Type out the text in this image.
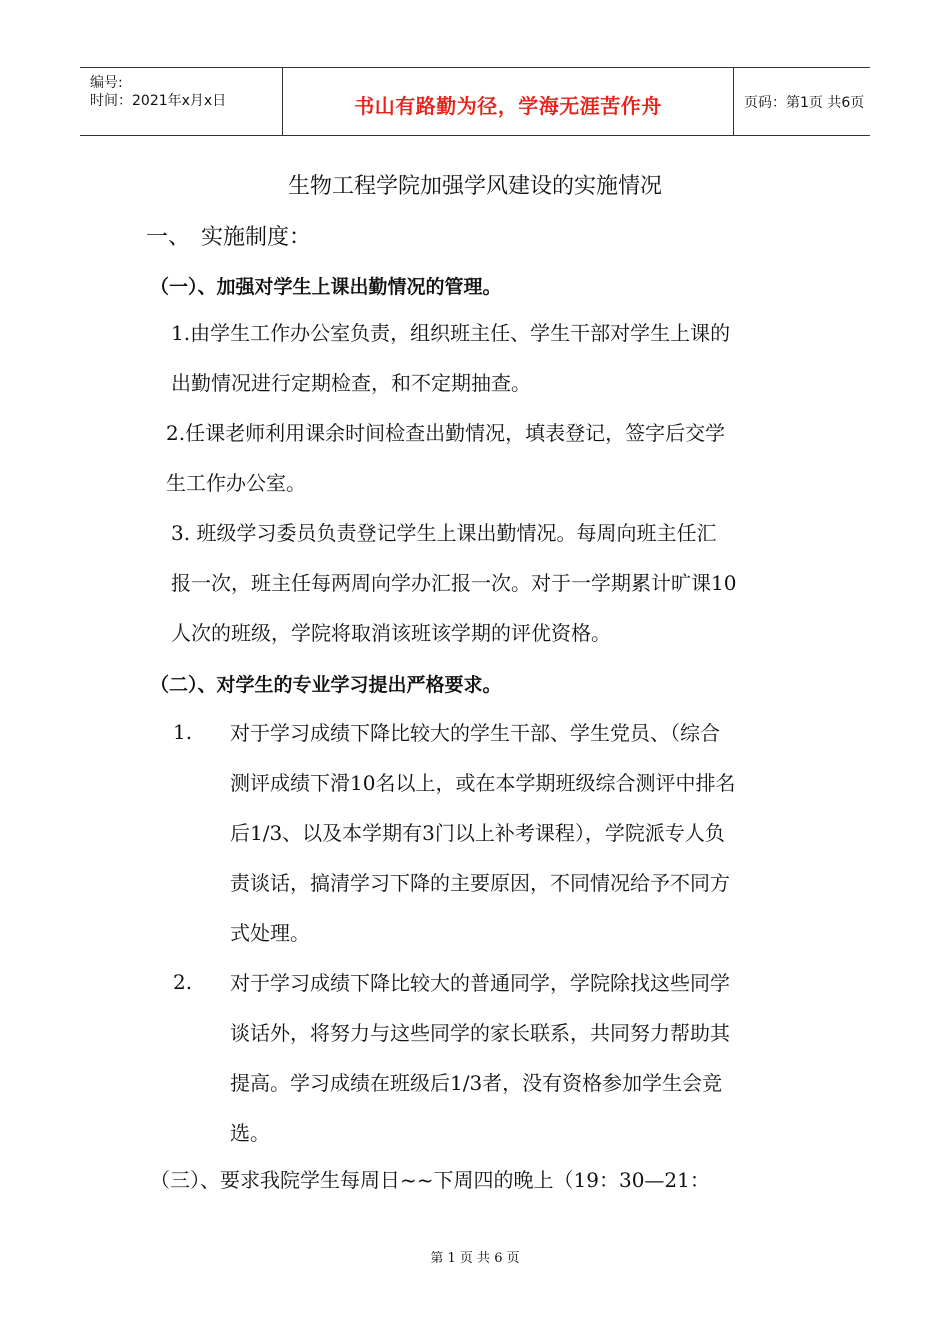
编号:
时间：2021年x月x日	书山有路勤为径，学海无涯苦作舟	页码：第1页 共6页
生物工程学院加强学风建设的实施情况
一、 实施制度：
（一）、加强对学生上课出勤情况的管理。
1.由学生工作办公室负责，组织班主任、学生干部对学生上课的
出勤情况进行定期检查，和不定期抽查。
2.任课老师利用课余时间检查出勤情况，填表登记，签字后交学
生工作办公室。
3. 班级学习委员负责登记学生上课出勤情况。每周向班主任汇
报一次，班主任每两周向学办汇报一次。对于一学期累计旷课10
人次的班级，学院将取消该班该学期的评优资格。
（二）、对学生的专业学习提出严格要求。
1. 对于学习成绩下降比较大的学生干部、学生党员、（综合
测评成绩下滑10名以上，或在本学期班级综合测评中排名
后1/3、以及本学期有3门以上补考课程），学院派专人负
责谈话，搞清学习下降的主要原因，不同情况给予不同方
式处理。
2. 对于学习成绩下降比较大的普通同学，学院除找这些同学
谈话外，将努力与这些同学的家长联系，共同努力帮助其
提高。学习成绩在班级后1/3者，没有资格参加学生会竞
选。
（三）、要求我院学生每周日~~下周四的晚上（19：30—21：
第 1 页 共 6 页
